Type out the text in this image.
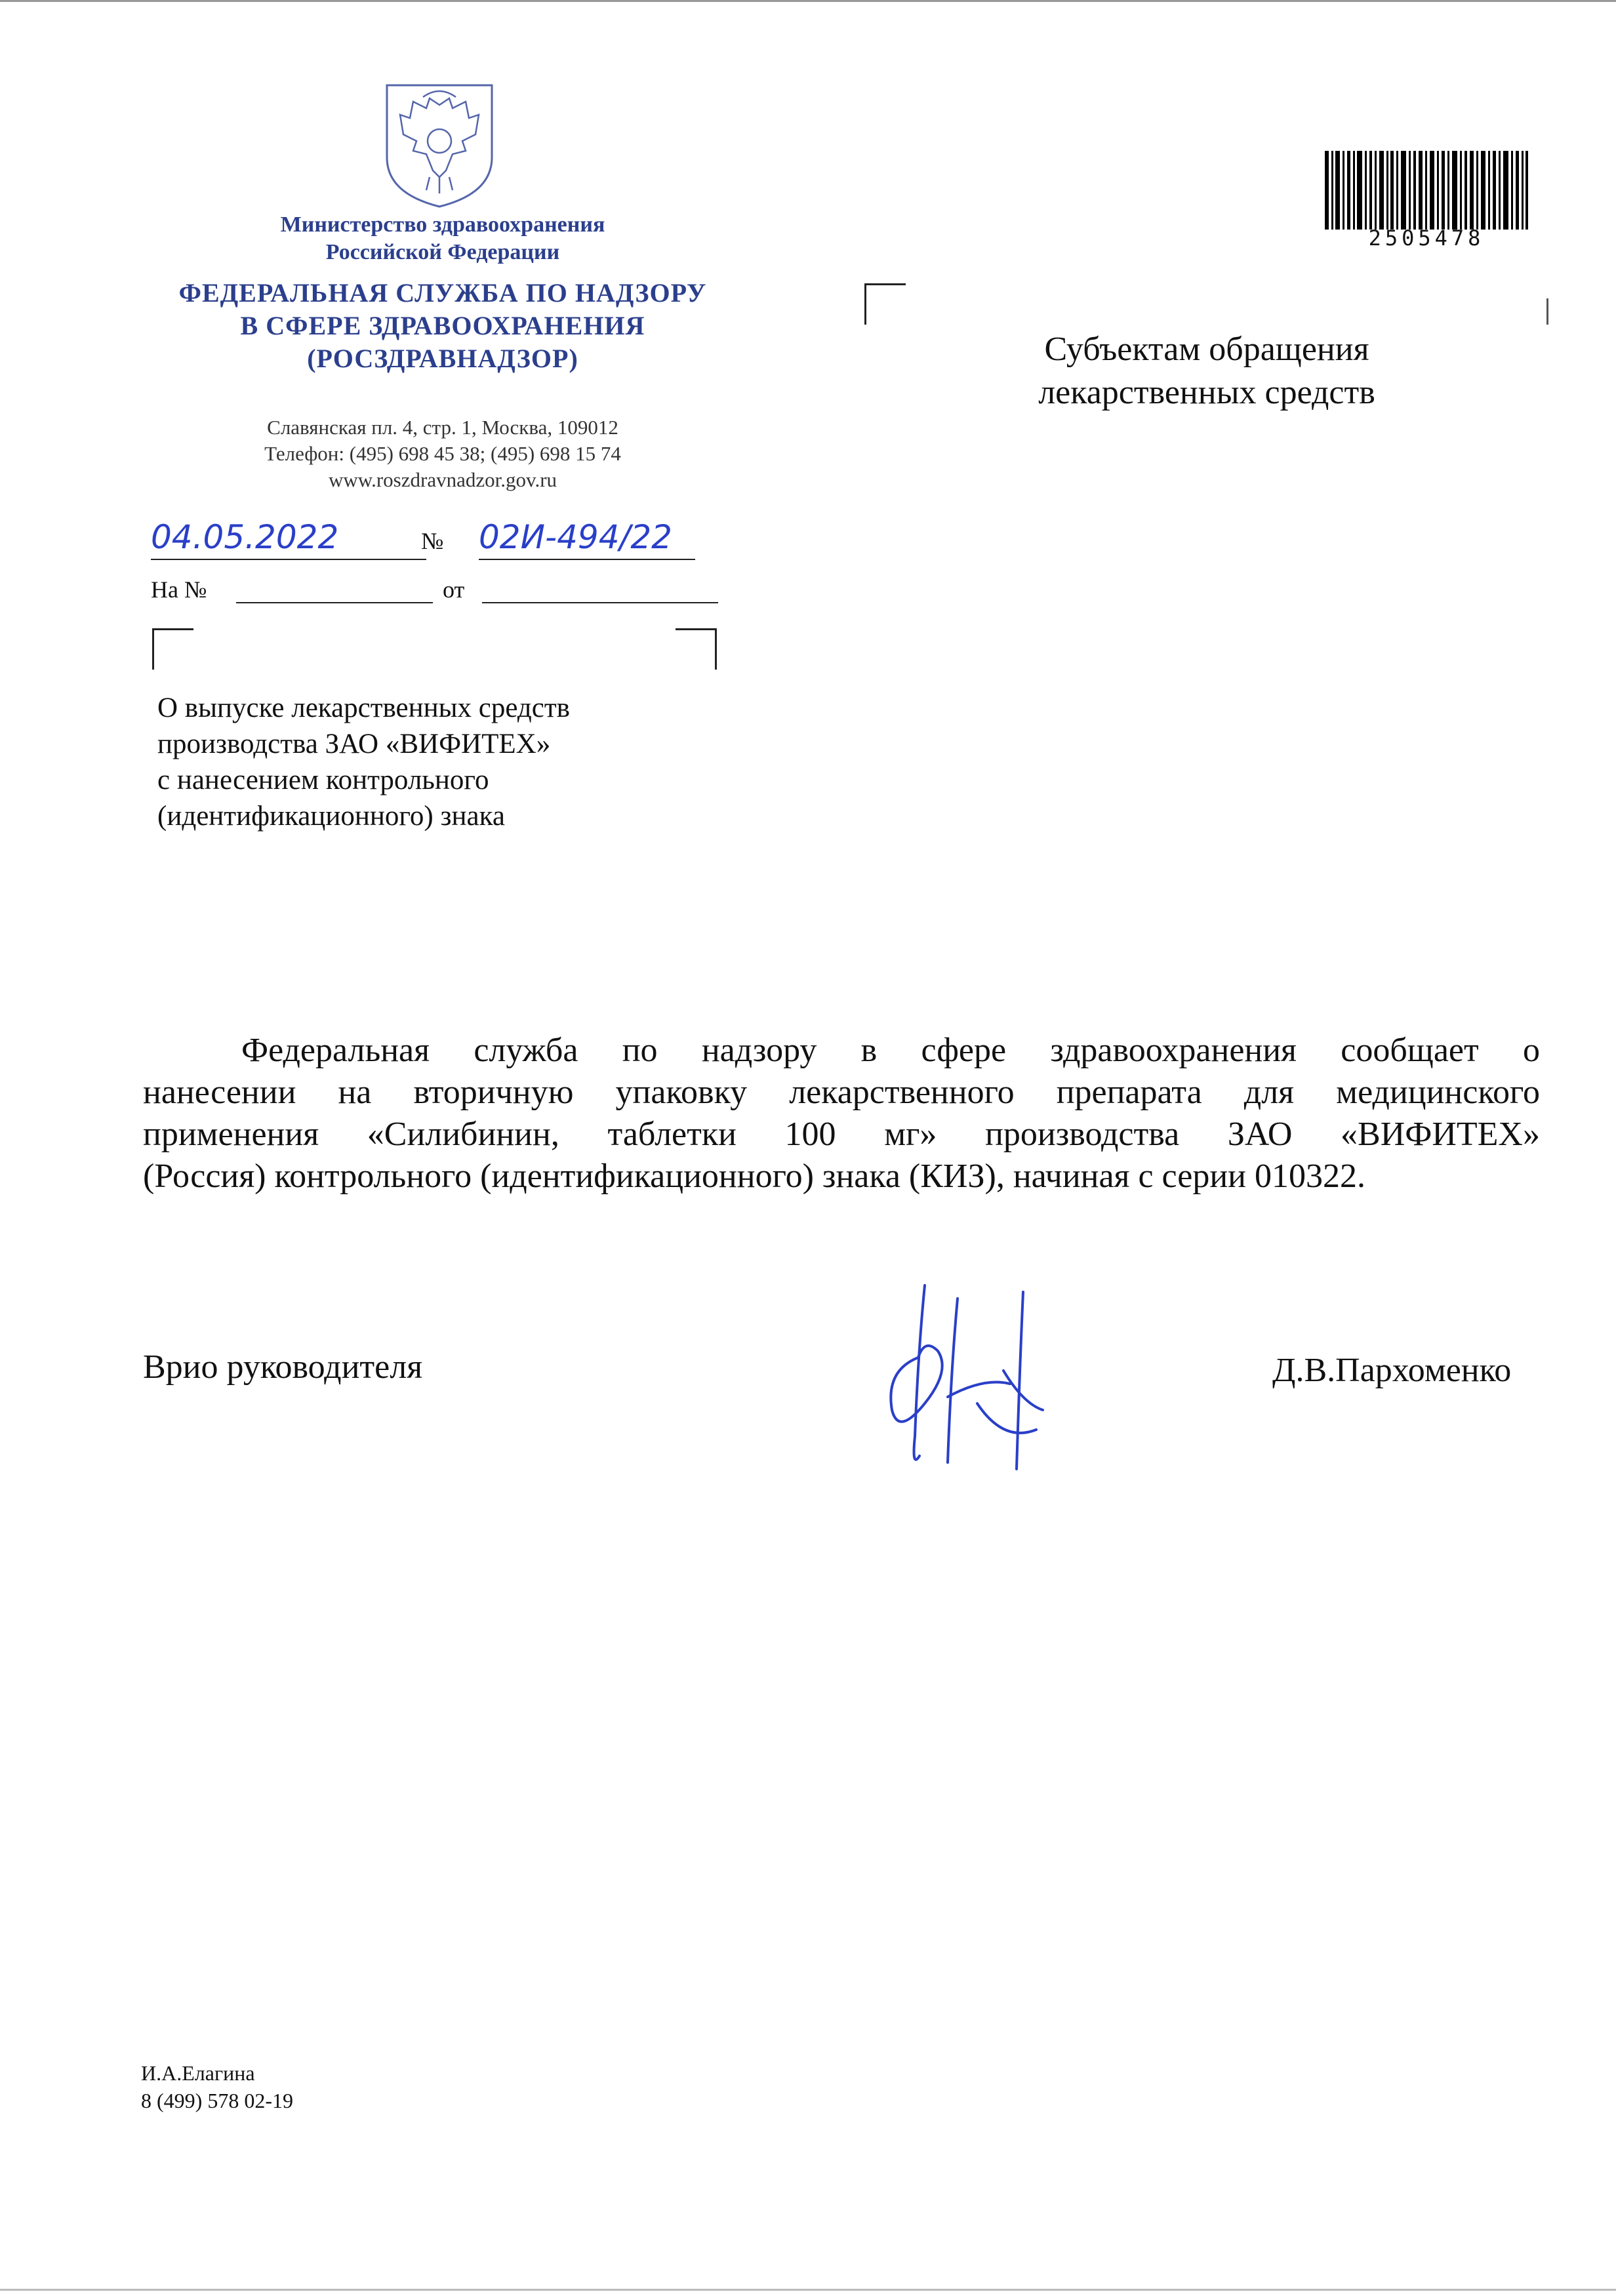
Министерство здравоохранения
Российской Федерации
ФЕДЕРАЛЬНАЯ СЛУЖБА ПО НАДЗОРУ
В СФЕРЕ ЗДРАВООХРАНЕНИЯ
(РОСЗДРАВНАДЗОР)
Славянская пл. 4, стр. 1, Москва, 109012
Телефон: (495) 698 45 38; (495) 698 15 74
www.roszdravnadzor.gov.ru
04.05.2022	№ 02И-494/22
На №	от
О выпуске лекарственных средств
производства ЗАО «ВИФИТЕХ»
с нанесением контрольного
(идентификационного) знака
Субъектам обращения
лекарственных средств
2505478
Федеральная служба по надзору в сфере здравоохранения сообщает о
нанесении на вторичную упаковку лекарственного препарата для медицинского
применения «Силибинин, таблетки 100 мг» производства ЗАО «ВИФИТЕХ»
(Россия) контрольного (идентификационного) знака (КИЗ), начиная с серии 010322.
Врио руководителя	Д.В.Пархоменко
И.А.Елагина
8 (499) 578 02-19
